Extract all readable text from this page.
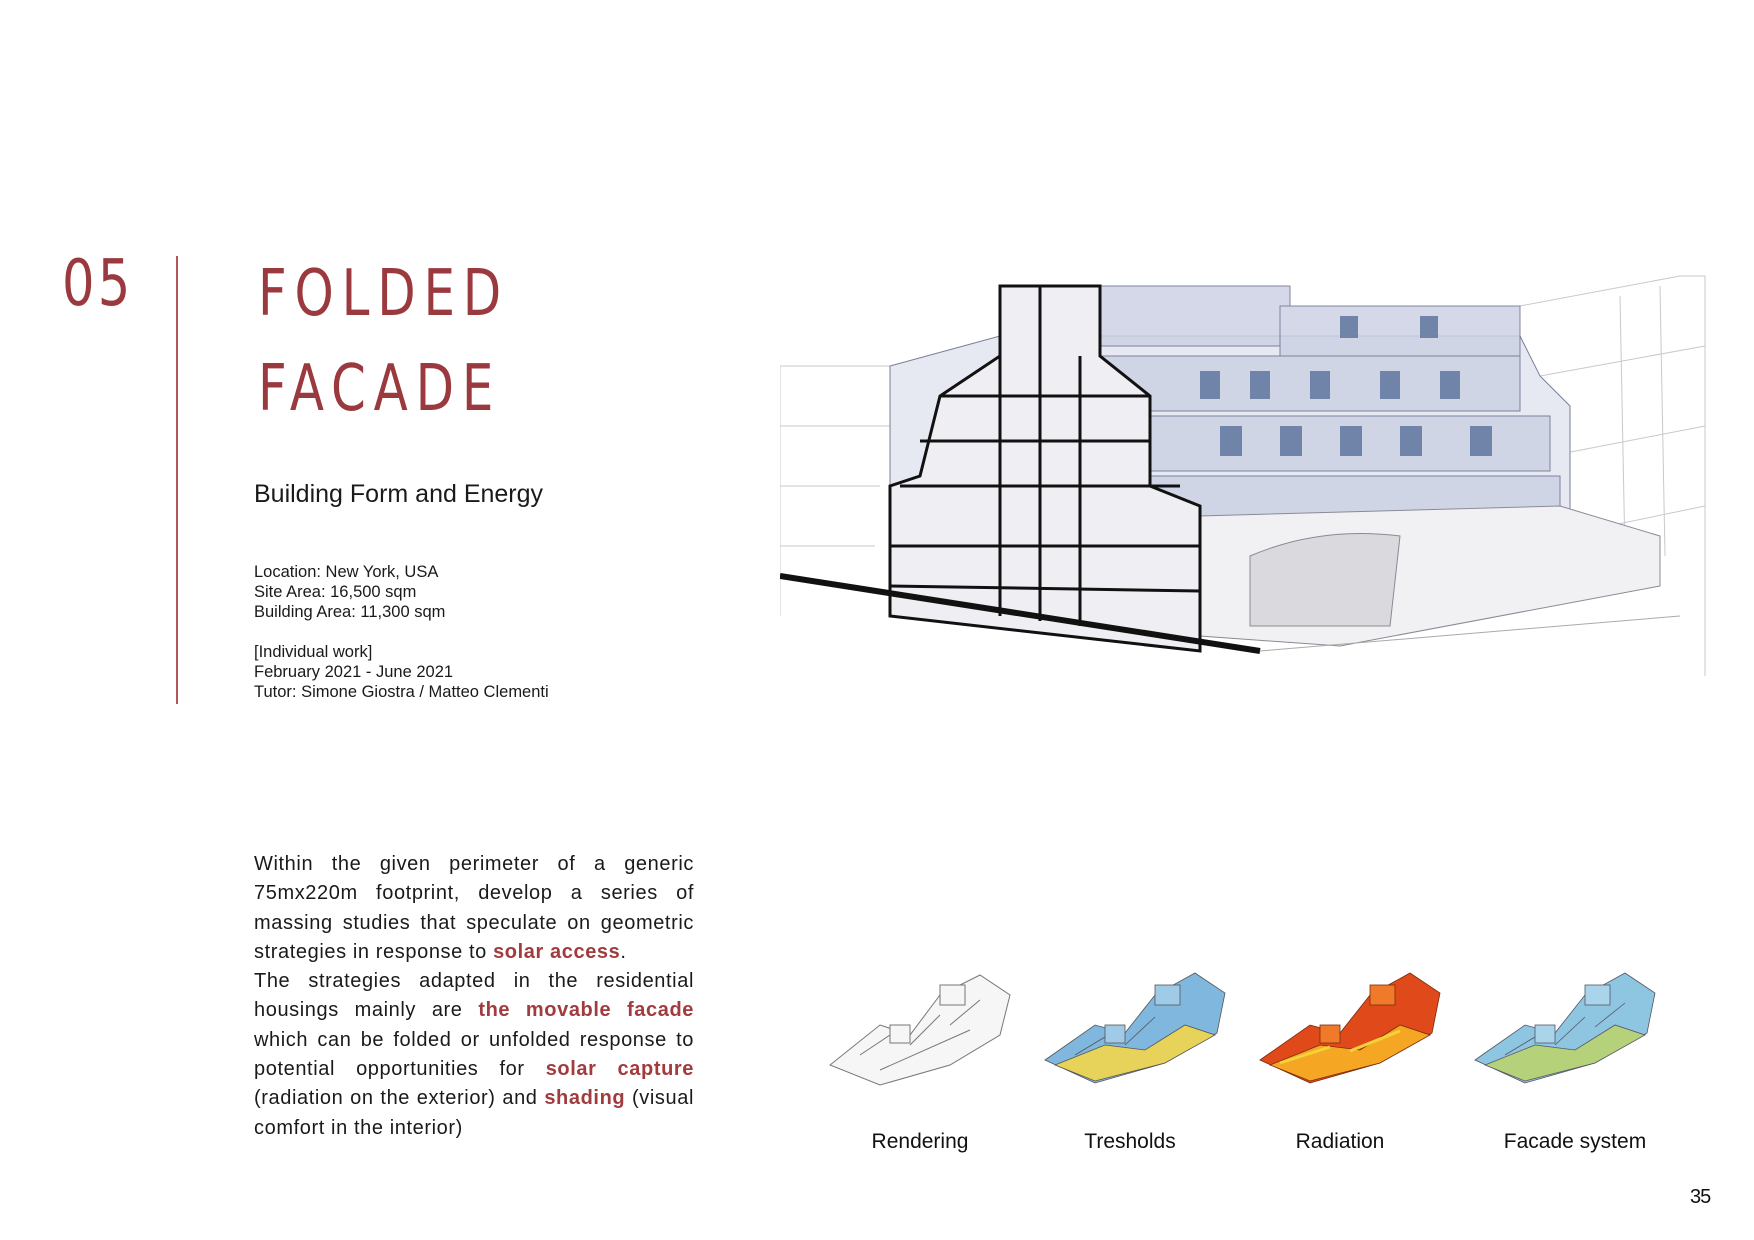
05 FOLDED
FACADE
Building Form and Energy
Location: New York, USA
Site Area: 16,500 sqm
Building Area: 11,300 sqm
[Individual work]
February 2021 - June 2021
Tutor: Simone Giostra / Matteo Clementi
Within the given perimeter of a generic 75mx220m footprint, develop a series of massing studies that speculate on geometric strategies in response to solar access.
The strategies adapted in the residential housings mainly are the movable facade which can be folded or unfolded response to potential opportunities for solar capture (radiation on the exterior) and shading (visual comfort in the interior)
Rendering	Tresholds	Radiation	Facade system
35
